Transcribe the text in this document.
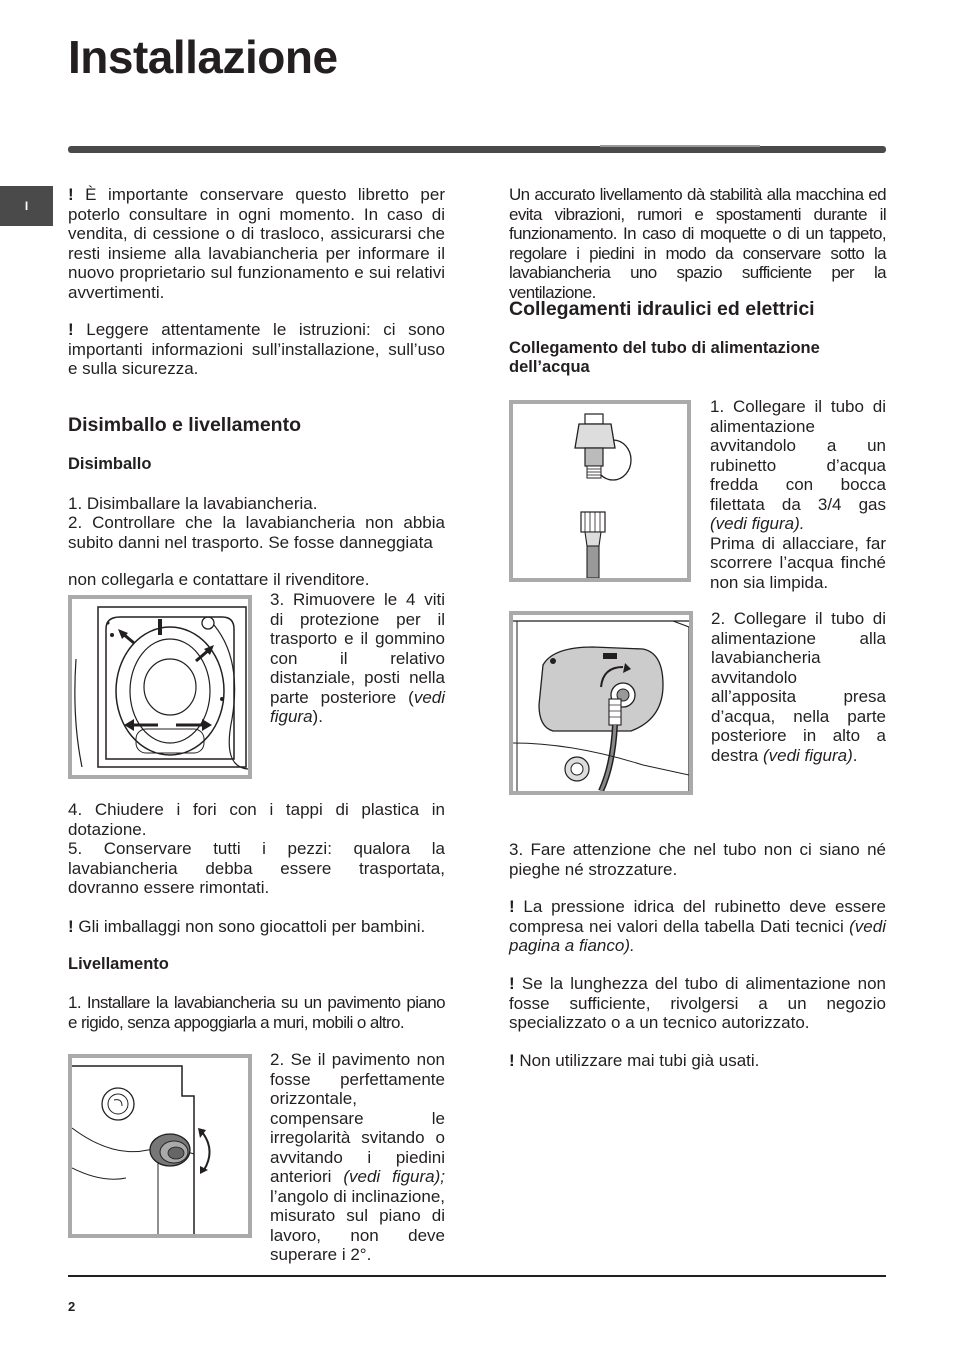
Installazione
I
! È importante conservare questo libretto per poterlo consultare in ogni momento. In caso di vendita, di cessione o di trasloco, assicurarsi che resti insieme alla lavabiancheria per informare il nuovo proprietario sul funzionamento e sui relativi avvertimenti.
! Leggere attentamente le istruzioni: ci sono importanti informazioni sull’installazione, sull’uso e sulla sicurezza.
Disimballo e livellamento
Disimballo
1. Disimballare la lavabiancheria.
2. Controllare che la lavabiancheria non abbia subito danni nel trasporto. Se fosse danneggiata
non collegarla e contattare il rivenditore.
3. Rimuovere le 4 viti di protezione per il trasporto e il gommino con il relativo distanziale, posti nella parte posteriore (vedi figura).
4. Chiudere i fori con i tappi di plastica in dotazione.
5. Conservare tutti i pezzi: qualora la lavabiancheria debba essere trasportata, dovranno essere rimontati.
! Gli imballaggi non sono giocattoli per bambini.
Livellamento
1. Installare la lavabiancheria su un pavimento piano e rigido, senza appoggiarla a muri, mobili o altro.
2. Se il pavimento non fosse perfettamente orizzontale, compensare le irregolarità svitando o avvitando i piedini anteriori (vedi figura); l’angolo di inclinazione, misurato sul piano di lavoro, non deve superare i 2°.
Un accurato livellamento dà stabilità alla macchina ed evita vibrazioni, rumori e spostamenti durante il funzionamento. In caso di moquette o di un tappeto, regolare i piedini in modo da conservare sotto la lavabiancheria uno spazio sufficiente per la ventilazione.
Collegamenti idraulici ed elettrici
Collegamento del tubo di alimentazione dell’acqua
1. Collegare il tubo di alimentazione avvitandolo a un rubinetto d’acqua fredda con bocca filettata da 3/4 gas (vedi figura).
Prima di allacciare, far scorrere l’acqua finché non sia limpida.
2. Collegare il tubo di alimentazione alla lavabiancheria avvitandolo all’apposita presa d’acqua, nella parte posteriore in alto a destra (vedi figura).
3. Fare attenzione che nel tubo non ci siano né pieghe né strozzature.
! La pressione idrica del rubinetto deve essere compresa nei valori della tabella Dati tecnici (vedi pagina a fianco).
! Se la lunghezza del tubo di alimentazione non fosse sufficiente, rivolgersi a un negozio specializzato o a un tecnico autorizzato.
! Non utilizzare mai tubi già usati.
2
